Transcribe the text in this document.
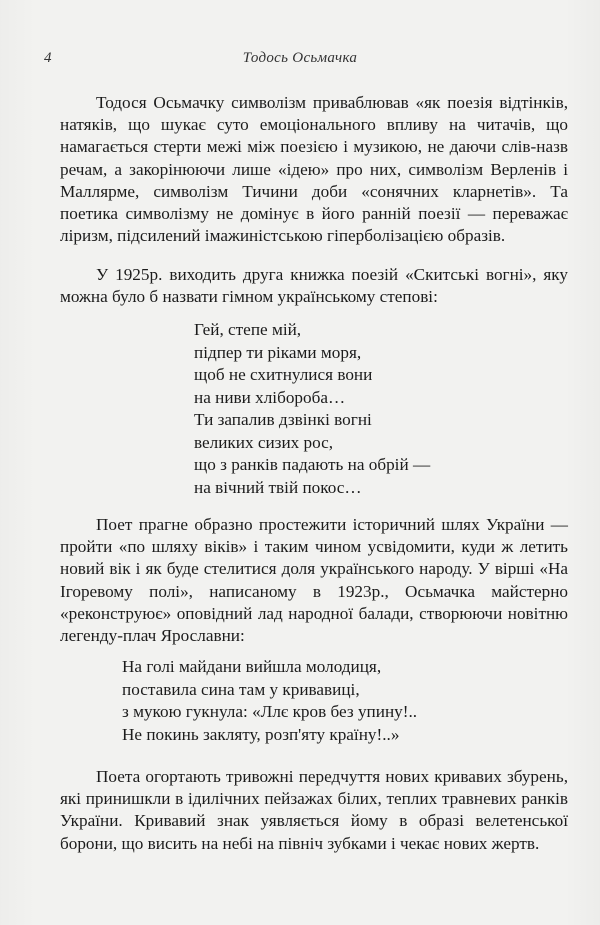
4	Тодось Осьмачка

Тодося Осьмачку символізм приваблював «як поезія відтінків, натяків, що шукає суто емоціонального впливу на читачів, що намагається стерти межі між поезією і музикою, не даючи слів-назв речам, а закорінюючи лише «ідею» про них, символізм Верленів і Маллярме, символізм Тичини доби «сонячних кларнетів». Та поетика символізму не домінує в його ранній поезії — переважає ліризм, підсилений імажиністською гіперболізацією образів.

У 1925р. виходить друга книжка поезій «Скитські вогні», яку можна було б назвати гімном українському степові:

Гей, степе мій,
підпер ти ріками моря,
щоб не схитнулися вони
на ниви хлібороба…
Ти запалив дзвінкі вогні
великих сизих рос,
що з ранків падають на обрій —
на вічний твій покос…

Поет прагне образно простежити історичний шлях України — пройти «по шляху віків» і таким чином усвідомити, куди ж летить новий вік і як буде стелитися доля українського народу. У вірші «На Ігоревому полі», написаному в 1923р., Осьмачка майстерно «реконструює» оповідний лад народної балади, створюючи новітню легенду-плач Ярославни:

На голі майдани вийшла молодиця,
поставила сина там у кривавиці,
з мукою гукнула: «Ллє кров без упину!..
Не покинь закляту, розп'яту країну!..»

Поета огортають тривожні передчуття нових кривавих збурень, які принишкли в ідилічних пейзажах білих, теплих травневих ранків України. Кривавий знак уявляється йому в образі велетенської борони, що висить на небі на північ зубками і чекає нових жертв.
